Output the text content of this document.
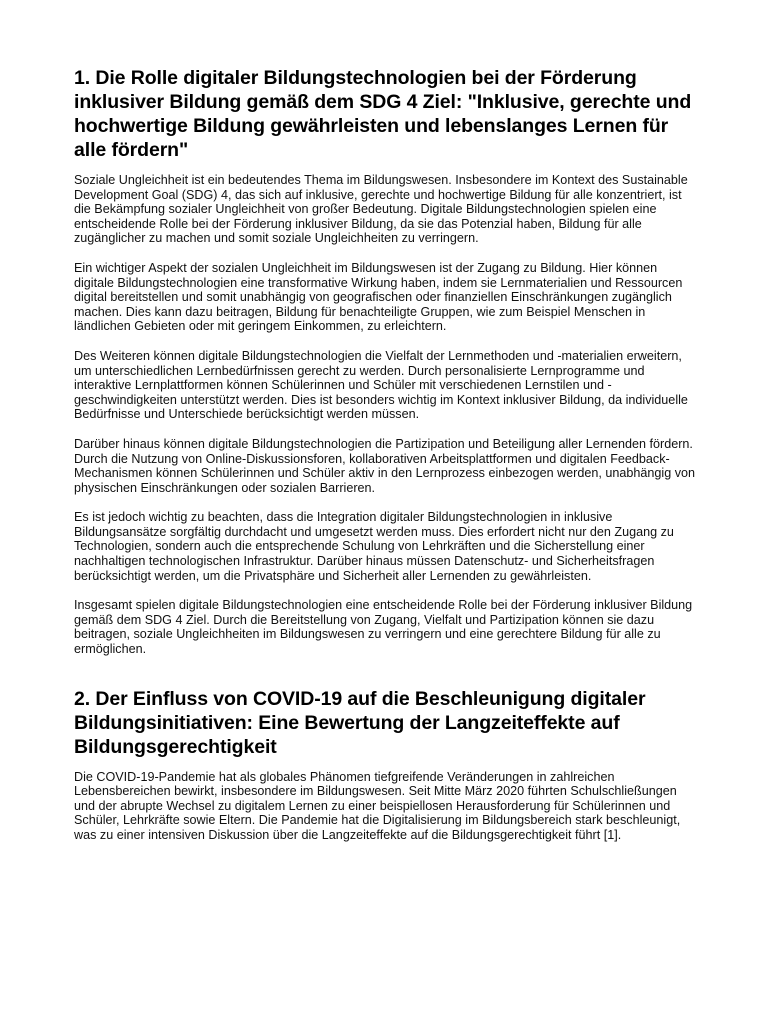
1. Die Rolle digitaler Bildungstechnologien bei der Förderung inklusiver Bildung gemäß dem SDG 4 Ziel: "Inklusive, gerechte und hochwertige Bildung gewährleisten und lebenslanges Lernen für alle fördern"

Soziale Ungleichheit ist ein bedeutendes Thema im Bildungswesen. Insbesondere im Kontext des Sustainable Development Goal (SDG) 4, das sich auf inklusive, gerechte und hochwertige Bildung für alle konzentriert, ist die Bekämpfung sozialer Ungleichheit von großer Bedeutung. Digitale Bildungstechnologien spielen eine entscheidende Rolle bei der Förderung inklusiver Bildung, da sie das Potenzial haben, Bildung für alle zugänglicher zu machen und somit soziale Ungleichheiten zu verringern.

Ein wichtiger Aspekt der sozialen Ungleichheit im Bildungswesen ist der Zugang zu Bildung. Hier können digitale Bildungstechnologien eine transformative Wirkung haben, indem sie Lernmaterialien und Ressourcen digital bereitstellen und somit unabhängig von geografischen oder finanziellen Einschränkungen zugänglich machen. Dies kann dazu beitragen, Bildung für benachteiligte Gruppen, wie zum Beispiel Menschen in ländlichen Gebieten oder mit geringem Einkommen, zu erleichtern.

Des Weiteren können digitale Bildungstechnologien die Vielfalt der Lernmethoden und -materialien erweitern, um unterschiedlichen Lernbedürfnissen gerecht zu werden. Durch personalisierte Lernprogramme und interaktive Lernplattformen können Schülerinnen und Schüler mit verschiedenen Lernstilen und -geschwindigkeiten unterstützt werden. Dies ist besonders wichtig im Kontext inklusiver Bildung, da individuelle Bedürfnisse und Unterschiede berücksichtigt werden müssen.

Darüber hinaus können digitale Bildungstechnologien die Partizipation und Beteiligung aller Lernenden fördern. Durch die Nutzung von Online-Diskussionsforen, kollaborativen Arbeitsplattformen und digitalen Feedback-Mechanismen können Schülerinnen und Schüler aktiv in den Lernprozess einbezogen werden, unabhängig von physischen Einschränkungen oder sozialen Barrieren.

Es ist jedoch wichtig zu beachten, dass die Integration digitaler Bildungstechnologien in inklusive Bildungsansätze sorgfältig durchdacht und umgesetzt werden muss. Dies erfordert nicht nur den Zugang zu Technologien, sondern auch die entsprechende Schulung von Lehrkräften und die Sicherstellung einer nachhaltigen technologischen Infrastruktur. Darüber hinaus müssen Datenschutz- und Sicherheitsfragen berücksichtigt werden, um die Privatsphäre und Sicherheit aller Lernenden zu gewährleisten.

Insgesamt spielen digitale Bildungstechnologien eine entscheidende Rolle bei der Förderung inklusiver Bildung gemäß dem SDG 4 Ziel. Durch die Bereitstellung von Zugang, Vielfalt und Partizipation können sie dazu beitragen, soziale Ungleichheiten im Bildungswesen zu verringern und eine gerechtere Bildung für alle zu ermöglichen.

2. Der Einfluss von COVID-19 auf die Beschleunigung digitaler Bildungsinitiativen: Eine Bewertung der Langzeiteffekte auf Bildungsgerechtigkeit

Die COVID-19-Pandemie hat als globales Phänomen tiefgreifende Veränderungen in zahlreichen Lebensbereichen bewirkt, insbesondere im Bildungswesen. Seit Mitte März 2020 führten Schulschließungen und der abrupte Wechsel zu digitalem Lernen zu einer beispiellosen Herausforderung für Schülerinnen und Schüler, Lehrkräfte sowie Eltern. Die Pandemie hat die Digitalisierung im Bildungsbereich stark beschleunigt, was zu einer intensiven Diskussion über die Langzeiteffekte auf die Bildungsgerechtigkeit führt [1].
